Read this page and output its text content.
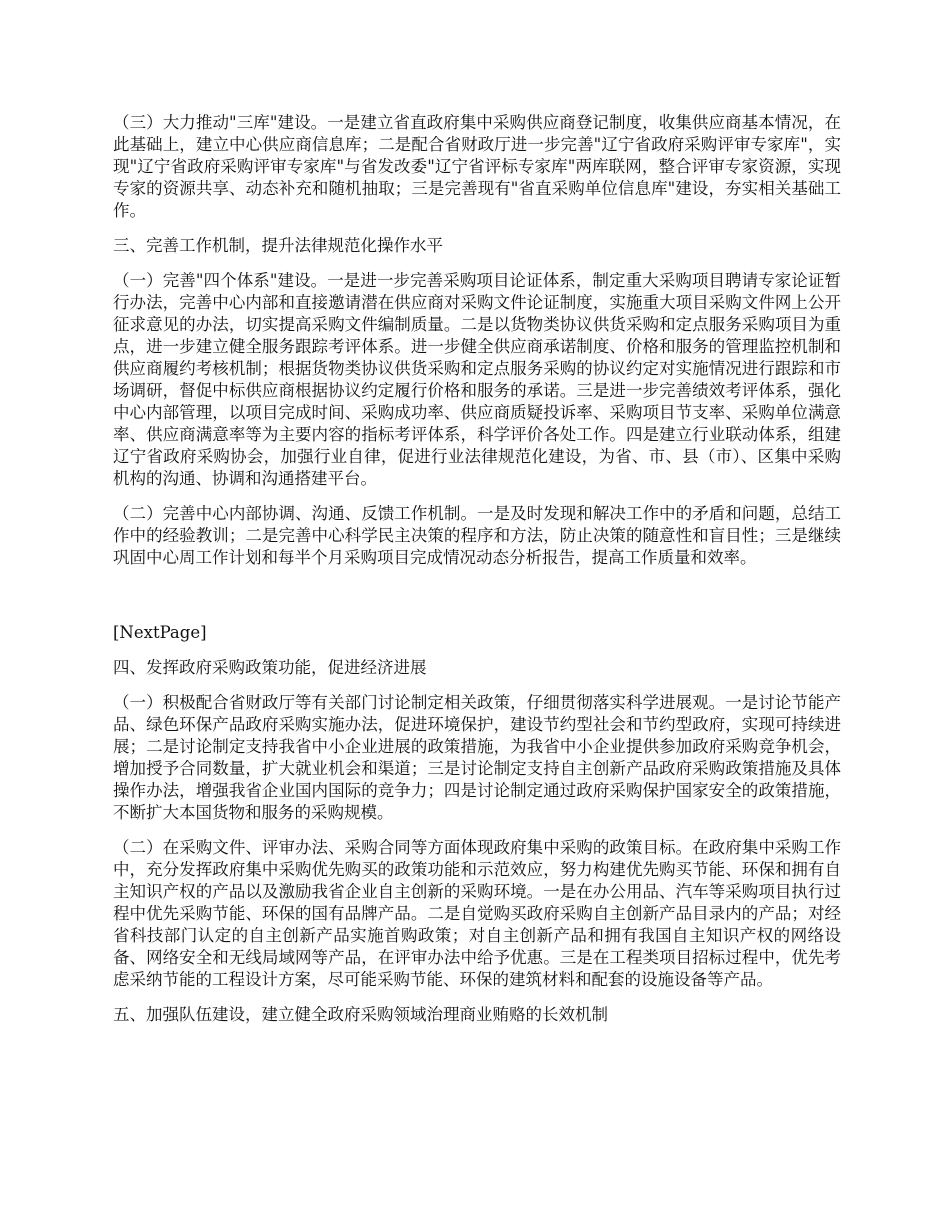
（三）大力推动"三库"建设。一是建立省直政府集中采购供应商登记制度，收集供应商基本情况，在此基础上，建立中心供应商信息库；二是配合省财政厅进一步完善"辽宁省政府采购评审专家库"，实现"辽宁省政府采购评审专家库"与省发改委"辽宁省评标专家库"两库联网，整合评审专家资源，实现专家的资源共享、动态补充和随机抽取；三是完善现有"省直采购单位信息库"建设，夯实相关基础工作。

三、完善工作机制，提升法律规范化操作水平

（一）完善"四个体系"建设。一是进一步完善采购项目论证体系，制定重大采购项目聘请专家论证暂行办法，完善中心内部和直接邀请潜在供应商对采购文件论证制度，实施重大项目采购文件网上公开征求意见的办法，切实提高采购文件编制质量。二是以货物类协议供货采购和定点服务采购项目为重点，进一步建立健全服务跟踪考评体系。进一步健全供应商承诺制度、价格和服务的管理监控机制和供应商履约考核机制；根据货物类协议供货采购和定点服务采购的协议约定对实施情况进行跟踪和市场调研，督促中标供应商根据协议约定履行价格和服务的承诺。三是进一步完善绩效考评体系，强化中心内部管理，以项目完成时间、采购成功率、供应商质疑投诉率、采购项目节支率、采购单位满意率、供应商满意率等为主要内容的指标考评体系，科学评价各处工作。四是建立行业联动体系，组建辽宁省政府采购协会，加强行业自律，促进行业法律规范化建设，为省、市、县（市）、区集中采购机构的沟通、协调和沟通搭建平台。

（二）完善中心内部协调、沟通、反馈工作机制。一是及时发现和解决工作中的矛盾和问题，总结工作中的经验教训；二是完善中心科学民主决策的程序和方法，防止决策的随意性和盲目性；三是继续巩固中心周工作计划和每半个月采购项目完成情况动态分析报告，提高工作质量和效率。

[NextPage]

四、发挥政府采购政策功能，促进经济进展

（一）积极配合省财政厅等有关部门讨论制定相关政策，仔细贯彻落实科学进展观。一是讨论节能产品、绿色环保产品政府采购实施办法，促进环境保护，建设节约型社会和节约型政府，实现可持续进展；二是讨论制定支持我省中小企业进展的政策措施，为我省中小企业提供参加政府采购竞争机会，增加授予合同数量，扩大就业机会和渠道；三是讨论制定支持自主创新产品政府采购政策措施及具体操作办法，增强我省企业国内国际的竞争力；四是讨论制定通过政府采购保护国家安全的政策措施，不断扩大本国货物和服务的采购规模。

（二）在采购文件、评审办法、采购合同等方面体现政府集中采购的政策目标。在政府集中采购工作中，充分发挥政府集中采购优先购买的政策功能和示范效应，努力构建优先购买节能、环保和拥有自主知识产权的产品以及激励我省企业自主创新的采购环境。一是在办公用品、汽车等采购项目执行过程中优先采购节能、环保的国有品牌产品。二是自觉购买政府采购自主创新产品目录内的产品；对经省科技部门认定的自主创新产品实施首购政策；对自主创新产品和拥有我国自主知识产权的网络设备、网络安全和无线局域网等产品，在评审办法中给予优惠。三是在工程类项目招标过程中，优先考虑采纳节能的工程设计方案，尽可能采购节能、环保的建筑材料和配套的设施设备等产品。

五、加强队伍建设，建立健全政府采购领域治理商业贿赂的长效机制
